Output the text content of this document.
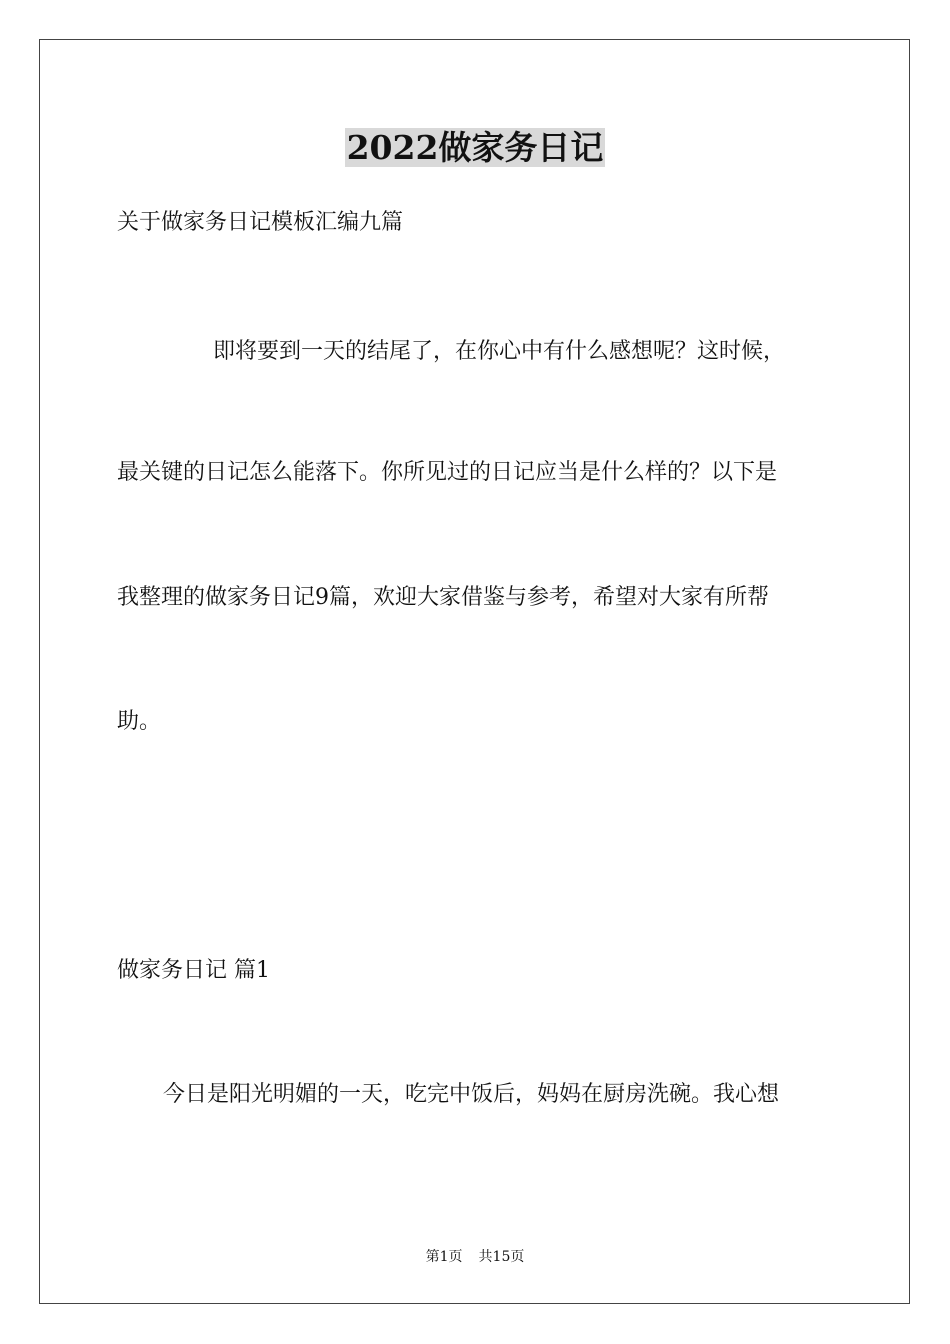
2022做家务日记
关于做家务日记模板汇编九篇
即将要到一天的结尾了，在你心中有什么感想呢？这时候，
最关键的日记怎么能落下。你所见过的日记应当是什么样的？以下是
我整理的做家务日记9篇，欢迎大家借鉴与参考，希望对大家有所帮
助。
做家务日记 篇1
今日是阳光明媚的一天，吃完中饭后，妈妈在厨房洗碗。我心想
第1页 共15页
